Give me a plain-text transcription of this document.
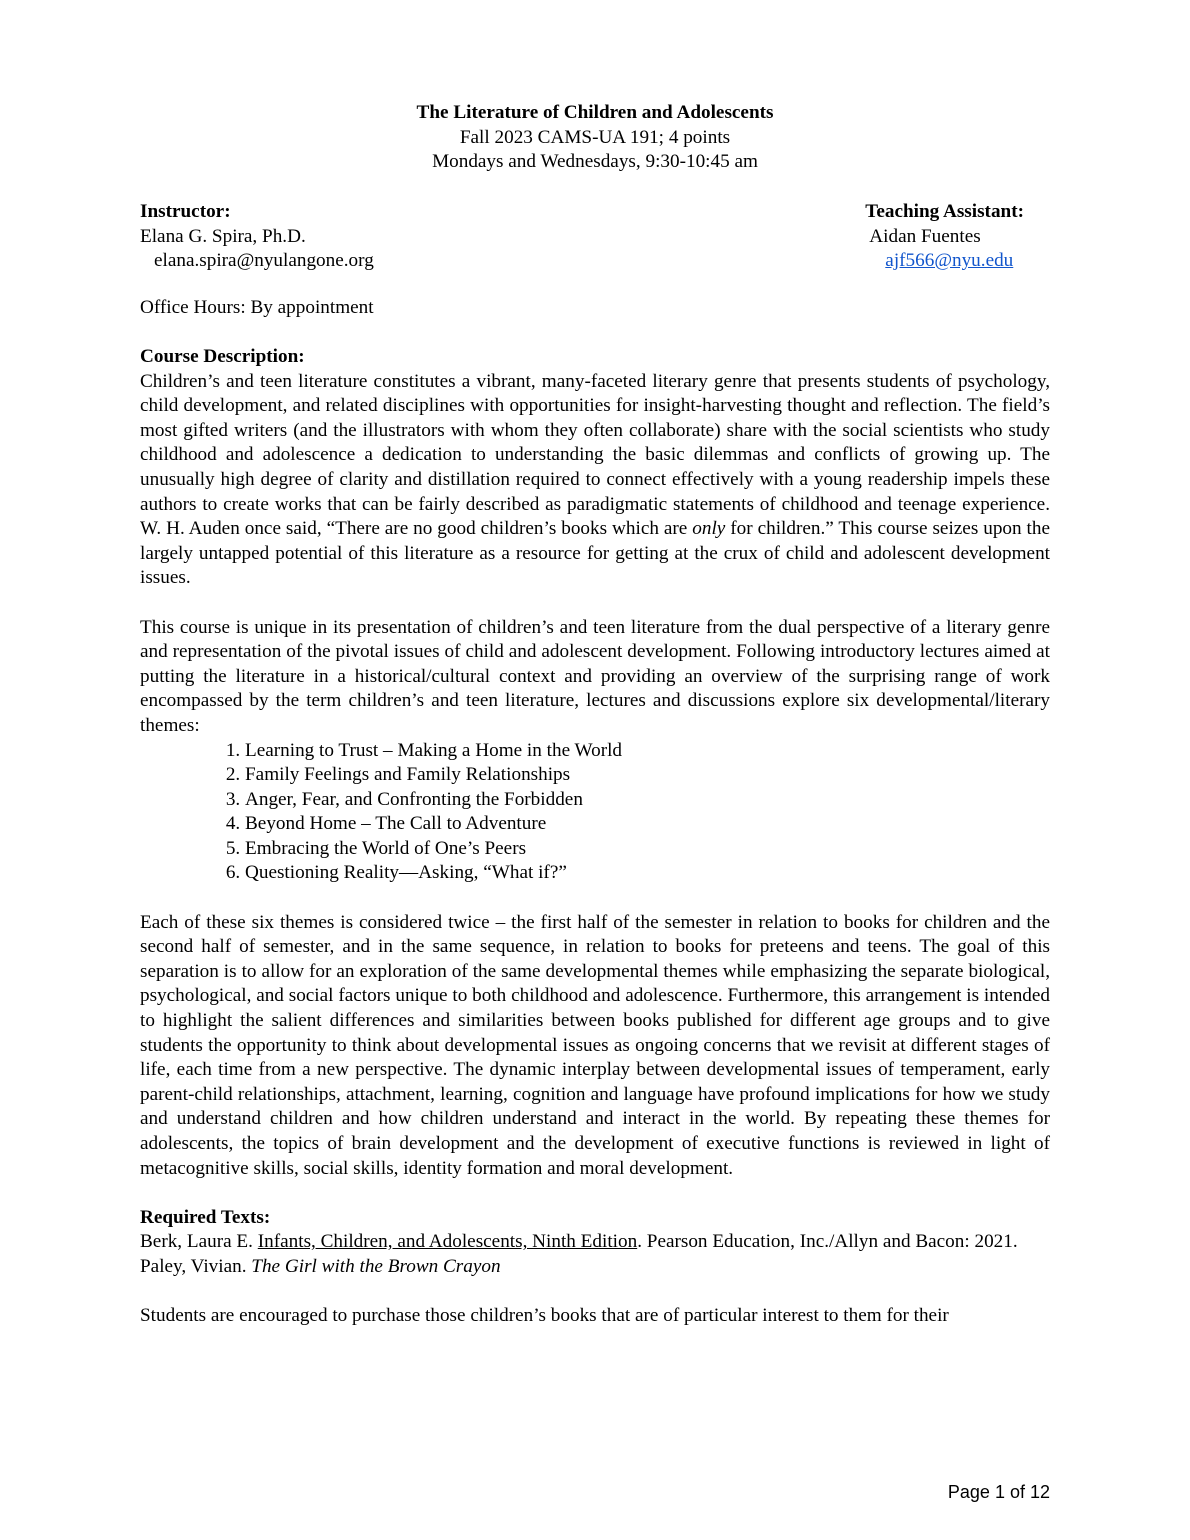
The Literature of Children and Adolescents
Fall 2023 CAMS-UA 191; 4 points
Mondays and Wednesdays, 9:30-10:45 am
Instructor:
Elana G. Spira, Ph.D.
elana.spira@nyulangone.org
Teaching Assistant:
Aidan Fuentes
ajf566@nyu.edu
Office Hours: By appointment

Course Description:

Children’s and teen literature constitutes a vibrant, many-faceted literary genre that presents students of psychology, child development, and related disciplines with opportunities for insight-harvesting thought and reflection. The field’s most gifted writers (and the illustrators with whom they often collaborate) share with the social scientists who study childhood and adolescence a dedication to understanding the basic dilemmas and conflicts of growing up. The unusually high degree of clarity and distillation required to connect effectively with a young readership impels these authors to create works that can be fairly described as paradigmatic statements of childhood and teenage experience. W. H. Auden once said, “There are no good children’s books which are only for children.” This course seizes upon the largely untapped potential of this literature as a resource for getting at the crux of child and adolescent development issues.

This course is unique in its presentation of children’s and teen literature from the dual perspective of a literary genre and representation of the pivotal issues of child and adolescent development. Following introductory lectures aimed at putting the literature in a historical/cultural context and providing an overview of the surprising range of work encompassed by the term children’s and teen literature, lectures and discussions explore six developmental/literary themes:

1. Learning to Trust – Making a Home in the World
2. Family Feelings and Family Relationships
3. Anger, Fear, and Confronting the Forbidden
4. Beyond Home – The Call to Adventure
5. Embracing the World of One’s Peers
6. Questioning Reality—Asking, “What if?”

Each of these six themes is considered twice – the first half of the semester in relation to books for children and the second half of semester, and in the same sequence, in relation to books for preteens and teens. The goal of this separation is to allow for an exploration of the same developmental themes while emphasizing the separate biological, psychological, and social factors unique to both childhood and adolescence. Furthermore, this arrangement is intended to highlight the salient differences and similarities between books published for different age groups and to give students the opportunity to think about developmental issues as ongoing concerns that we revisit at different stages of life, each time from a new perspective. The dynamic interplay between developmental issues of temperament, early parent-child relationships, attachment, learning, cognition and language have profound implications for how we study and understand children and how children understand and interact in the world. By repeating these themes for adolescents, the topics of brain development and the development of executive functions is reviewed in light of metacognitive skills, social skills, identity formation and moral development.

Required Texts:

Berk, Laura E. Infants, Children, and Adolescents, Ninth Edition. Pearson Education, Inc./Allyn and Bacon: 2021.

Paley, Vivian. The Girl with the Brown Crayon

Students are encouraged to purchase those children’s books that are of particular interest to them for their

Page 1 of 12
